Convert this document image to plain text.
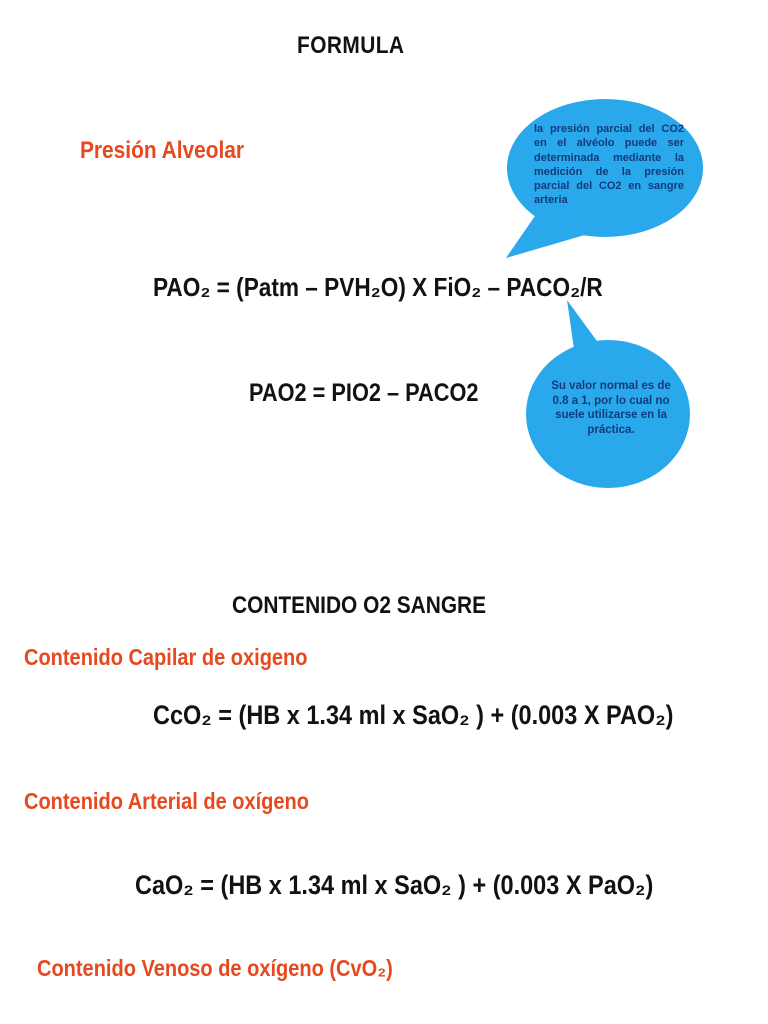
FORMULA
Presión Alveolar
la presión parcial del CO2 en el alvéolo puede ser determinada mediante la medición de la presión parcial del CO2 en sangre arteria
PAO₂ = (Patm – PVH₂O) X FiO₂ – PACO₂/R
Su valor normal es de 0.8 a 1, por lo cual no suele utilizarse en la práctica.
PAO2 = PIO2 – PACO2
CONTENIDO O2 SANGRE
Contenido Capilar de oxigeno
CcO₂ = (HB x 1.34 ml x SaO₂ ) + (0.003 X PAO₂)
Contenido Arterial de oxígeno
CaO₂ = (HB x 1.34 ml x SaO₂ ) + (0.003 X PaO₂)
Contenido Venoso de oxígeno (CvO₂)
